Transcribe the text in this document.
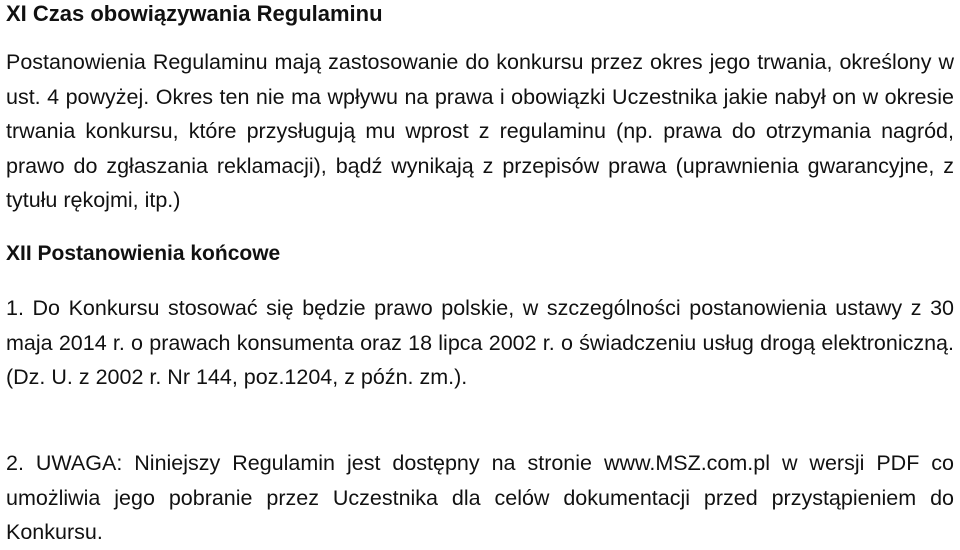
XI Czas obowiązywania Regulaminu

Postanowienia Regulaminu mają zastosowanie do konkursu przez okres jego trwania, określony w ust. 4 powyżej. Okres ten nie ma wpływu na prawa i obowiązki Uczestnika jakie nabył on w okresie trwania konkursu, które przysługują mu wprost z regulaminu (np. prawa do otrzymania nagród, prawo do zgłaszania reklamacji), bądź wynikają z przepisów prawa (uprawnienia gwarancyjne, z tytułu rękojmi, itp.)

XII Postanowienia końcowe

1. Do Konkursu stosować się będzie prawo polskie, w szczególności postanowienia ustawy z 30 maja 2014 r. o prawach konsumenta oraz 18 lipca 2002 r. o świadczeniu usług drogą elektroniczną. (Dz. U. z 2002 r. Nr 144, poz.1204, z późn. zm.).

2. UWAGA: Niniejszy Regulamin jest dostępny na stronie www.MSZ.com.pl w wersji PDF co umożliwia jego pobranie przez Uczestnika dla celów dokumentacji przed przystąpieniem do Konkursu.
